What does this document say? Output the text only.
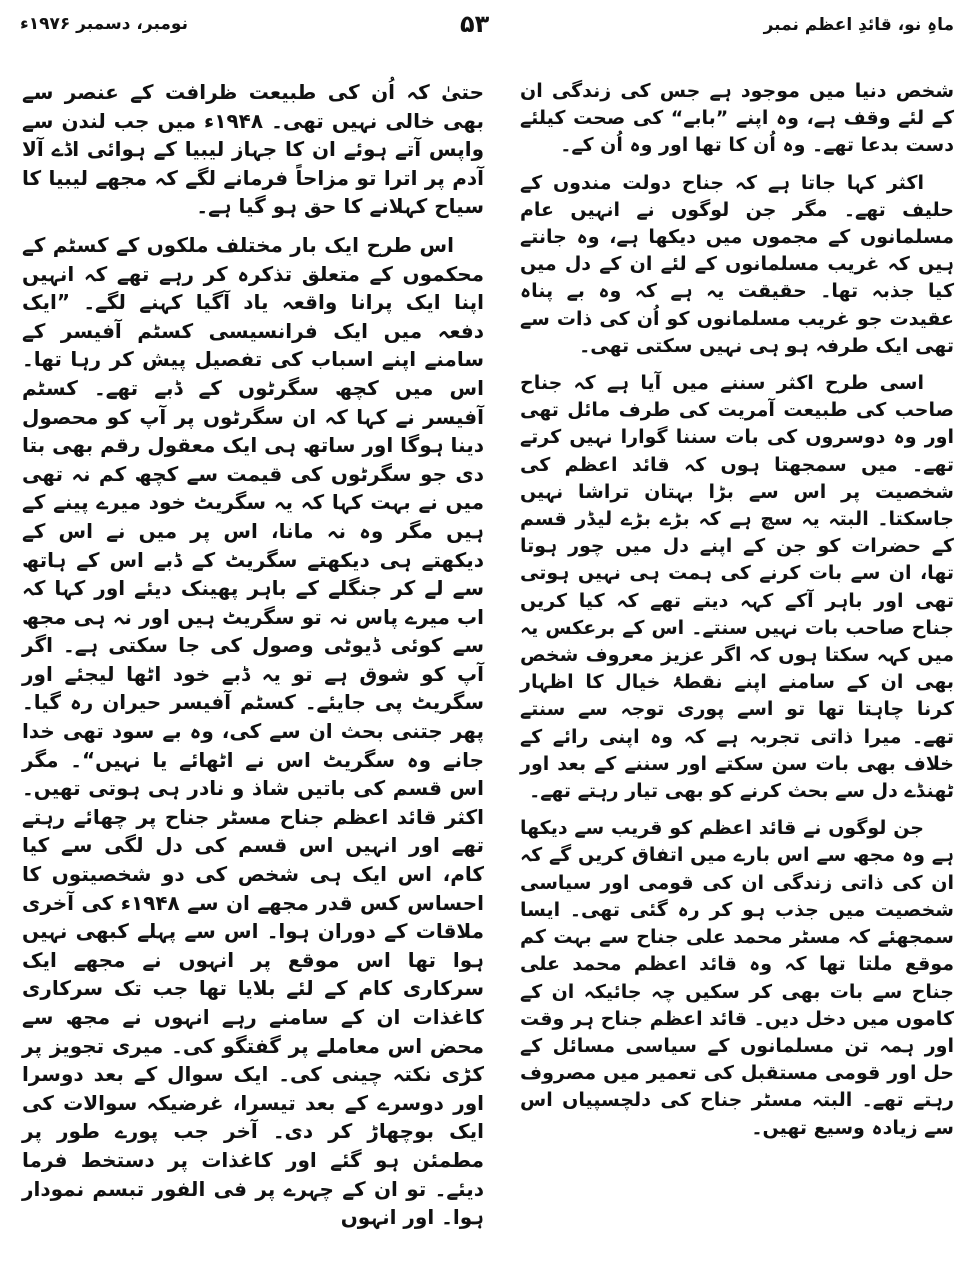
ماہِ نو، قائدِ اعظم نمبر
۵۳
نومبر، دسمبر ۱۹۷۶ء

شخص دنیا میں موجود ہے جس کی زندگی ان کے لئے وقف ہے، وہ اپنے ”بابے“ کی صحت کیلئے دست بدعا تھے۔ وہ اُن کا تھا اور وہ اُن کے۔

اکثر کہا جاتا ہے کہ جناح دولت مندوں کے حلیف تھے۔ مگر جن لوگوں نے انہیں عام مسلمانوں کے مجموں میں دیکھا ہے، وہ جانتے ہیں کہ غریب مسلمانوں کے لئے ان کے دل میں کیا جذبہ تھا۔ حقیقت یہ ہے کہ وہ بے پناہ عقیدت جو غریب مسلمانوں کو اُن کی ذات سے تھی ایک طرفہ ہو ہی نہیں سکتی تھی۔

اسی طرح اکثر سننے میں آیا ہے کہ جناح صاحب کی طبیعت آمریت کی طرف مائل تھی اور وہ دوسروں کی بات سننا گوارا نہیں کرتے تھے۔ میں سمجھتا ہوں کہ قائد اعظم کی شخصیت پر اس سے بڑا بہتان تراشا نہیں جاسکتا۔ البتہ یہ سچ ہے کہ بڑے بڑے لیڈر قسم کے حضرات کو جن کے اپنے دل میں چور ہوتا تھا، ان سے بات کرنے کی ہمت ہی نہیں ہوتی تھی اور باہر آکے کہہ دیتے تھے کہ کیا کریں جناح صاحب بات نہیں سنتے۔ اس کے برعکس یہ میں کہہ سکتا ہوں کہ اگر عزیز معروف شخص بھی ان کے سامنے اپنے نقطۂ خیال کا اظہار کرنا چاہتا تھا تو اسے پوری توجہ سے سنتے تھے۔ میرا ذاتی تجربہ ہے کہ وہ اپنی رائے کے خلاف بھی بات سن سکتے اور سننے کے بعد اور ٹھنڈے دل سے بحث کرنے کو بھی تیار رہتے تھے۔

جن لوگوں نے قائد اعظم کو قریب سے دیکھا ہے وہ مجھ سے اس بارے میں اتفاق کریں گے کہ ان کی ذاتی زندگی ان کی قومی اور سیاسی شخصیت میں جذب ہو کر رہ گئی تھی۔ ایسا سمجھئے کہ مسٹر محمد علی جناح سے بہت کم موقع ملتا تھا کہ وہ قائد اعظم محمد علی جناح سے بات بھی کر سکیں چہ جائیکہ ان کے کاموں میں دخل دیں۔ قائد اعظم جناح ہر وقت اور ہمہ تن مسلمانوں کے سیاسی مسائل کے حل اور قومی مستقبل کی تعمیر میں مصروف رہتے تھے۔ البتہ مسٹر جناح کی دلچسپیاں اس سے زیادہ وسیع تھیں۔

حتیٰ کہ اُن کی طبیعت ظرافت کے عنصر سے بھی خالی نہیں تھی۔ ۱۹۴۸ء میں جب لندن سے واپس آتے ہوئے ان کا جہاز لیبیا کے ہوائی اڈے آلا آدم پر اترا تو مزاحاً فرمانے لگے کہ مجھے لیبیا کا سیاح کہلانے کا حق ہو گیا ہے۔

اس طرح ایک بار مختلف ملکوں کے کسٹم کے محکموں کے متعلق تذکرہ کر رہے تھے کہ انہیں اپنا ایک پرانا واقعہ یاد آگیا کہنے لگے۔ ”ایک دفعہ میں ایک فرانسیسی کسٹم آفیسر کے سامنے اپنے اسباب کی تفصیل پیش کر رہا تھا۔ اس میں کچھ سگرٹوں کے ڈبے تھے۔ کسٹم آفیسر نے کہا کہ ان سگرٹوں پر آپ کو محصول دینا ہوگا اور ساتھ ہی ایک معقول رقم بھی بتا دی جو سگرٹوں کی قیمت سے کچھ کم نہ تھی میں نے بہت کہا کہ یہ سگریٹ خود میرے پینے کے ہیں مگر وہ نہ مانا، اس پر میں نے اس کے دیکھتے ہی دیکھتے سگریٹ کے ڈبے اس کے ہاتھ سے لے کر جنگلے کے باہر پھینک دیئے اور کہا کہ اب میرے پاس نہ تو سگریٹ ہیں اور نہ ہی مجھ سے کوئی ڈیوٹی وصول کی جا سکتی ہے۔ اگر آپ کو شوق ہے تو یہ ڈبے خود اٹھا لیجئے اور سگریٹ پی جایئے۔ کسٹم آفیسر حیران رہ گیا۔ پھر جتنی بحث ان سے کی، وہ بے سود تھی خدا جانے وہ سگریٹ اس نے اٹھائے یا نہیں“۔ مگر اس قسم کی باتیں شاذ و نادر ہی ہوتی تھیں۔ اکثر قائد اعظم جناح مسٹر جناح پر چھائے رہتے تھے اور انہیں اس قسم کی دل لگی سے کیا کام، اس ایک ہی شخص کی دو شخصیتوں کا احساس کس قدر مجھے ان سے ۱۹۴۸ء کی آخری ملاقات کے دوران ہوا۔ اس سے پہلے کبھی نہیں ہوا تھا اس موقع پر انہوں نے مجھے ایک سرکاری کام کے لئے بلایا تھا جب تک سرکاری کاغذات ان کے سامنے رہے انہوں نے مجھ سے محض اس معاملے پر گفتگو کی۔ میری تجویز پر کڑی نکتہ چینی کی۔ ایک سوال کے بعد دوسرا اور دوسرے کے بعد تیسرا، غرضیکہ سوالات کی ایک بوچھاڑ کر دی۔ آخر جب پورے طور پر مطمئن ہو گئے اور کاغذات پر دستخط فرما دیئے۔ تو ان کے چہرے پر فی الفور تبسم نمودار ہوا۔ اور انہوں
